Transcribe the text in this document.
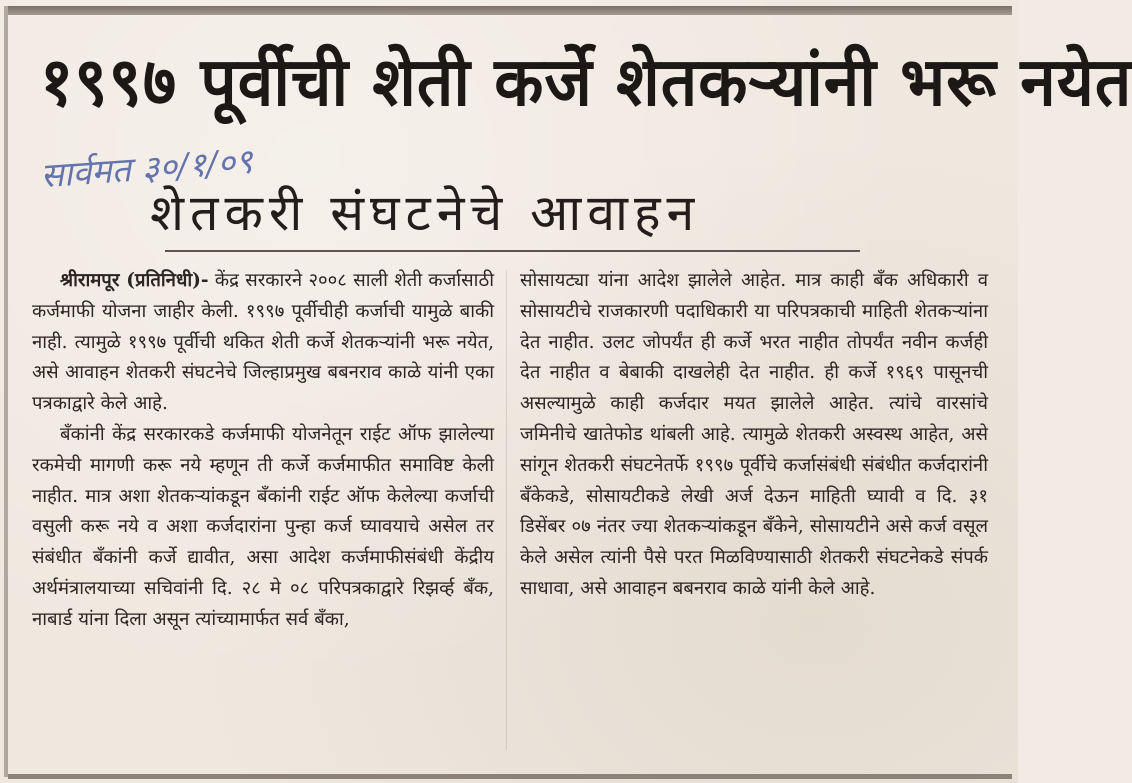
१९९७ पूर्वीची शेती कर्जे शेतकऱ्यांनी भरू नयेत
सार्वमत ३०/१/०९
शेतकरी संघटनेचे आवाहन

श्रीरामपूर (प्रतिनिधी)- केंद्र सरकारने २००८ साली शेती कर्जासाठी कर्जमाफी योजना जाहीर केली. १९९७ पूर्वीचीही कर्जाची यामुळे बाकी नाही. त्यामुळे १९९७ पूर्वीची थकित शेती कर्जे शेतकऱ्यांनी भरू नयेत, असे आवाहन शेतकरी संघटनेचे जिल्हाप्रमुख बबनराव काळे यांनी एका पत्रकाद्वारे केले आहे.

बँकांनी केंद्र सरकारकडे कर्जमाफी योजनेतून राईट ऑफ झालेल्या रकमेची मागणी करू नये म्हणून ती कर्जे कर्जमाफीत समाविष्ट केली नाहीत. मात्र अशा शेतकऱ्यांकडून बँकांनी राईट ऑफ केलेल्या कर्जाची वसुली करू नये व अशा कर्जदारांना पुन्हा कर्ज घ्यावयाचे असेल तर संबंधीत बँकांनी कर्जे द्यावीत, असा आदेश कर्जमाफीसंबंधी केंद्रीय अर्थमंत्रालयाच्या सचिवांनी दि. २८ मे ०८ परिपत्रकाद्वारे रिझर्व्ह बँक, नाबार्ड यांना दिला असून त्यांच्यामार्फत सर्व बँका,

सोसायट्या यांना आदेश झालेले आहेत. मात्र काही बँक अधिकारी व सोसायटीचे राजकारणी पदाधिकारी या परिपत्रकाची माहिती शेतकऱ्यांना देत नाहीत. उलट जोपर्यंत ही कर्जे भरत नाहीत तोपर्यंत नवीन कर्जही देत नाहीत व बेबाकी दाखलेही देत नाहीत. ही कर्जे १९६९ पासूनची असल्यामुळे काही कर्जदार मयत झालेले आहेत. त्यांचे वारसांचे जमिनीचे खातेफोड थांबली आहे. त्यामुळे शेतकरी अस्वस्थ आहेत, असे सांगून शेतकरी संघटनेतर्फे १९९७ पूर्वीचे कर्जासंबंधी संबंधीत कर्जदारांनी बँकेकडे, सोसायटीकडे लेखी अर्ज देऊन माहिती घ्यावी व दि. ३१ डिसेंबर ०७ नंतर ज्या शेतकऱ्यांकडून बँकेने, सोसायटीने असे कर्ज वसूल केले असेल त्यांनी पैसे परत मिळविण्यासाठी शेतकरी संघटनेकडे संपर्क साधावा, असे आवाहन बबनराव काळे यांनी केले आहे.
